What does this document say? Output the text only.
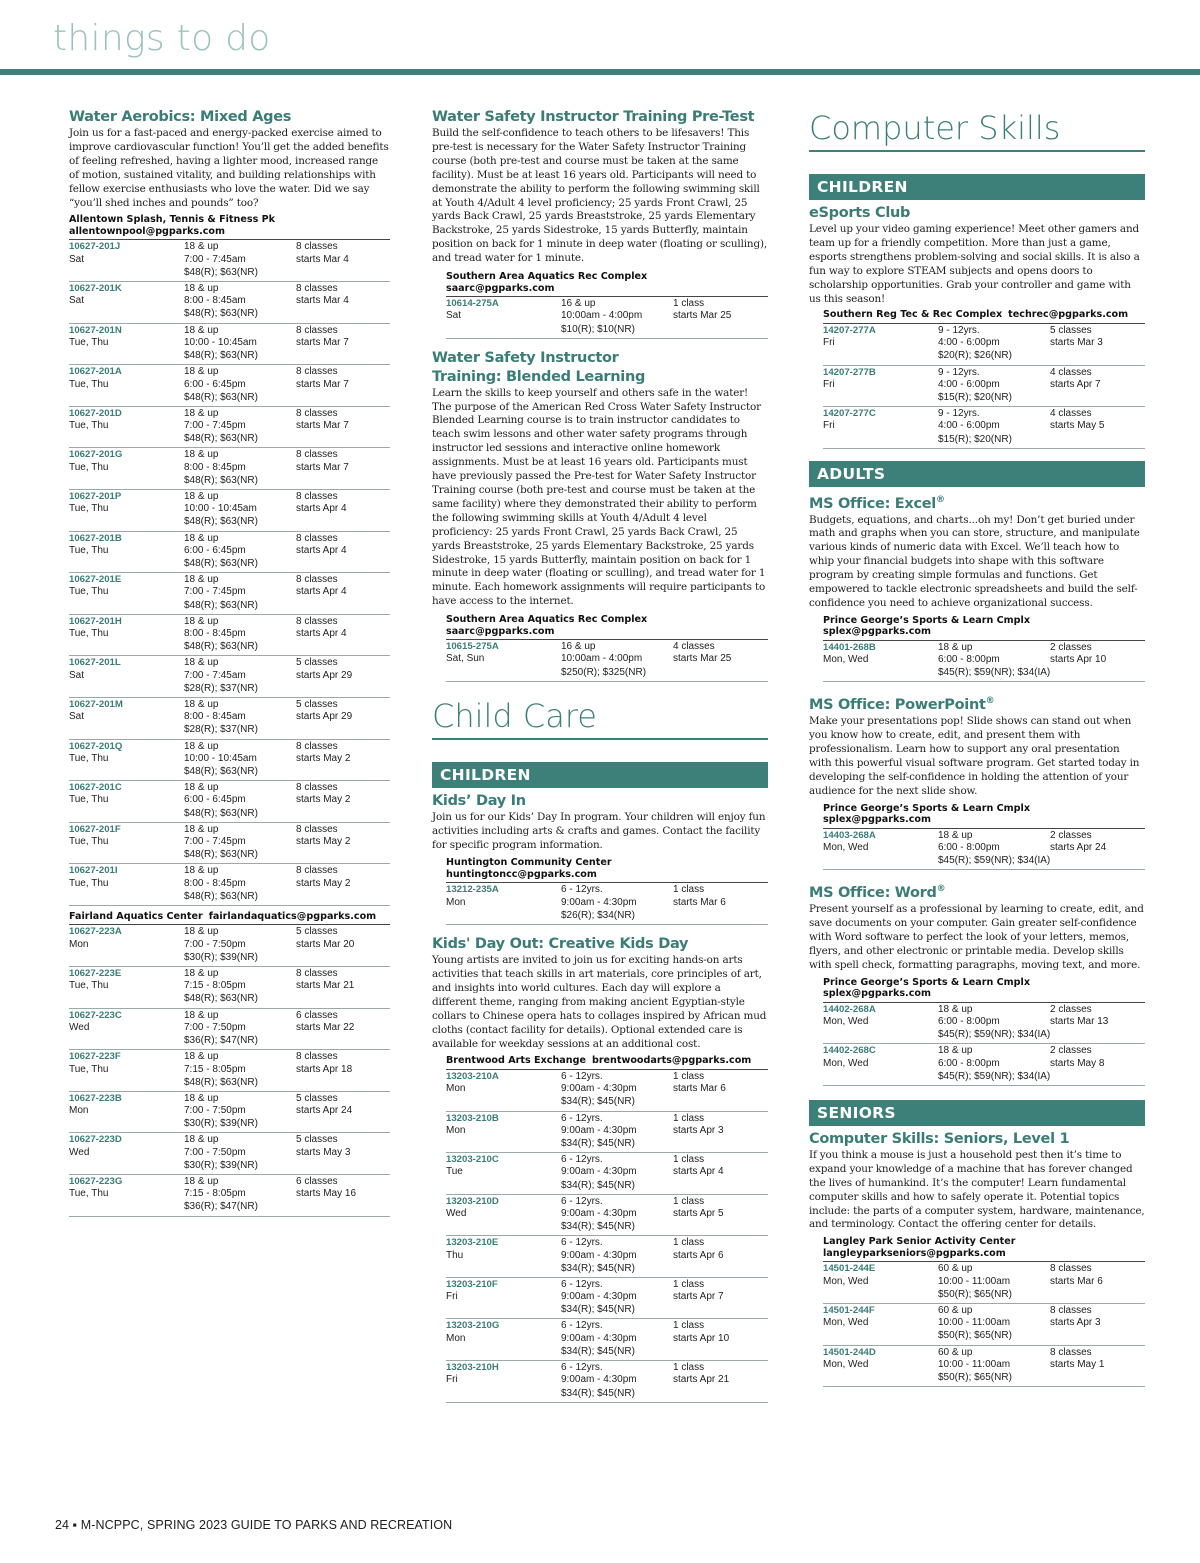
things to do
Water Aerobics: Mixed Ages
Join us for a fast-paced and energy-packed exercise aimed to improve cardiovascular function! You’ll get the added benefits of feeling refreshed, having a lighter mood, increased range of motion, sustained vitality, and building relationships with fellow exercise enthusiasts who love the water. Did we say “you’ll shed inches and pounds” too?
Allentown Splash, Tennis & Fitness Pk
allentownpool@pgparks.com
10627-201J
Sat
18 & up
7:00 - 7:45am
8 classes
starts Mar 4
$48(R); $63(NR)
10627-201K
Sat
18 & up
8:00 - 8:45am
8 classes
starts Mar 4
$48(R); $63(NR)
10627-201N
Tue, Thu
18 & up
10:00 - 10:45am
8 classes
starts Mar 7
$48(R); $63(NR)
10627-201A
Tue, Thu
18 & up
6:00 - 6:45pm
8 classes
starts Mar 7
$48(R); $63(NR)
10627-201D
Tue, Thu
18 & up
7:00 - 7:45pm
8 classes
starts Mar 7
$48(R); $63(NR)
10627-201G
Tue, Thu
18 & up
8:00 - 8:45pm
8 classes
starts Mar 7
$48(R); $63(NR)
10627-201P
Tue, Thu
18 & up
10:00 - 10:45am
8 classes
starts Apr 4
$48(R); $63(NR)
10627-201B
Tue, Thu
18 & up
6:00 - 6:45pm
8 classes
starts Apr 4
$48(R); $63(NR)
10627-201E
Tue, Thu
18 & up
7:00 - 7:45pm
8 classes
starts Apr 4
$48(R); $63(NR)
10627-201H
Tue, Thu
18 & up
8:00 - 8:45pm
8 classes
starts Apr 4
$48(R); $63(NR)
10627-201L
Sat
18 & up
7:00 - 7:45am
5 classes
starts Apr 29
$28(R); $37(NR)
10627-201M
Sat
18 & up
8:00 - 8:45am
5 classes
starts Apr 29
$28(R); $37(NR)
10627-201Q
Tue, Thu
18 & up
10:00 - 10:45am
8 classes
starts May 2
$48(R); $63(NR)
10627-201C
Tue, Thu
18 & up
6:00 - 6:45pm
8 classes
starts May 2
$48(R); $63(NR)
10627-201F
Tue, Thu
18 & up
7:00 - 7:45pm
8 classes
starts May 2
$48(R); $63(NR)
10627-201I
Tue, Thu
18 & up
8:00 - 8:45pm
8 classes
starts May 2
$48(R); $63(NR)
Fairland Aquatics Center fairlandaquatics@pgparks.com
10627-223A
Mon
18 & up
7:00 - 7:50pm
5 classes
starts Mar 20
$30(R); $39(NR)
10627-223E
Tue, Thu
18 & up
7:15 - 8:05pm
8 classes
starts Mar 21
$48(R); $63(NR)
10627-223C
Wed
18 & up
7:00 - 7:50pm
6 classes
starts Mar 22
$36(R); $47(NR)
10627-223F
Tue, Thu
18 & up
7:15 - 8:05pm
8 classes
starts Apr 18
$48(R); $63(NR)
10627-223B
Mon
18 & up
7:00 - 7:50pm
5 classes
starts Apr 24
$30(R); $39(NR)
10627-223D
Wed
18 & up
7:00 - 7:50pm
5 classes
starts May 3
$30(R); $39(NR)
10627-223G
Tue, Thu
18 & up
7:15 - 8:05pm
6 classes
starts May 16
$36(R); $47(NR)
Water Safety Instructor Training Pre-Test
Build the self-confidence to teach others to be lifesavers! This pre-test is necessary for the Water Safety Instructor Training course (both pre-test and course must be taken at the same facility). Must be at least 16 years old. Participants will need to demonstrate the ability to perform the following swimming skill at Youth 4/Adult 4 level proficiency; 25 yards Front Crawl, 25 yards Back Crawl, 25 yards Breaststroke, 25 yards Elementary Backstroke, 25 yards Sidestroke, 15 yards Butterfly, maintain position on back for 1 minute in deep water (floating or sculling), and tread water for 1 minute.
Southern Area Aquatics Rec Complex
saarc@pgparks.com
10614-275A
Sat
16 & up
10:00am - 4:00pm
1 class
starts Mar 25
$10(R); $10(NR)
Water Safety Instructor Training: Blended Learning
Learn the skills to keep yourself and others safe in the water! The purpose of the American Red Cross Water Safety Instructor Blended Learning course is to train instructor candidates to teach swim lessons and other water safety programs through instructor led sessions and interactive online homework assignments. Must be at least 16 years old. Participants must have previously passed the Pre-test for Water Safety Instructor Training course (both pre-test and course must be taken at the same facility) where they demonstrated their ability to perform the following swimming skills at Youth 4/Adult 4 level proficiency: 25 yards Front Crawl, 25 yards Back Crawl, 25 yards Breaststroke, 25 yards Elementary Backstroke, 25 yards Sidestroke, 15 yards Butterfly, maintain position on back for 1 minute in deep water (floating or sculling), and tread water for 1 minute. Each homework assignments will require participants to have access to the internet.
Southern Area Aquatics Rec Complex
saarc@pgparks.com
10615-275A
Sat, Sun
16 & up
10:00am - 4:00pm
4 classes
starts Mar 25
$250(R); $325(NR)
Child Care
CHILDREN
Kids’ Day In
Join us for our Kids’ Day In program. Your children will enjoy fun activities including arts & crafts and games. Contact the facility for specific program information.
Huntington Community Center
huntingtoncc@pgparks.com
13212-235A
Mon
6 - 12yrs.
9:00am - 4:30pm
1 class
starts Mar 6
$26(R); $34(NR)
Kids' Day Out: Creative Kids Day
Young artists are invited to join us for exciting hands-on arts activities that teach skills in art materials, core principles of art, and insights into world cultures. Each day will explore a different theme, ranging from making ancient Egyptian-style collars to Chinese opera hats to collages inspired by African mud cloths (contact facility for details). Optional extended care is available for weekday sessions at an additional cost.
Brentwood Arts Exchange brentwoodarts@pgparks.com
13203-210A
Mon
6 - 12yrs.
9:00am - 4:30pm
1 class
starts Mar 6
$34(R); $45(NR)
13203-210B
Mon
6 - 12yrs.
9:00am - 4:30pm
1 class
starts Apr 3
$34(R); $45(NR)
13203-210C
Tue
6 - 12yrs.
9:00am - 4:30pm
1 class
starts Apr 4
$34(R); $45(NR)
13203-210D
Wed
6 - 12yrs.
9:00am - 4:30pm
1 class
starts Apr 5
$34(R); $45(NR)
13203-210E
Thu
6 - 12yrs.
9:00am - 4:30pm
1 class
starts Apr 6
$34(R); $45(NR)
13203-210F
Fri
6 - 12yrs.
9:00am - 4:30pm
1 class
starts Apr 7
$34(R); $45(NR)
13203-210G
Mon
6 - 12yrs.
9:00am - 4:30pm
1 class
starts Apr 10
$34(R); $45(NR)
13203-210H
Fri
6 - 12yrs.
9:00am - 4:30pm
1 class
starts Apr 21
$34(R); $45(NR)
Computer Skills
CHILDREN
eSports Club
Level up your video gaming experience! Meet other gamers and team up for a friendly competition. More than just a game, esports strengthens problem-solving and social skills. It is also a fun way to explore STEAM subjects and opens doors to scholarship opportunities. Grab your controller and game with us this season!
Southern Reg Tec & Rec Complex techrec@pgparks.com
14207-277A
Fri
9 - 12yrs.
4:00 - 6:00pm
5 classes
starts Mar 3
$20(R); $26(NR)
14207-277B
Fri
9 - 12yrs.
4:00 - 6:00pm
4 classes
starts Apr 7
$15(R); $20(NR)
14207-277C
Fri
9 - 12yrs.
4:00 - 6:00pm
4 classes
starts May 5
$15(R); $20(NR)
ADULTS
MS Office: Excel®
Budgets, equations, and charts...oh my! Don’t get buried under math and graphs when you can store, structure, and manipulate various kinds of numeric data with Excel. We’ll teach how to whip your financial budgets into shape with this software program by creating simple formulas and functions. Get empowered to tackle electronic spreadsheets and build the self-confidence you need to achieve organizational success.
Prince George’s Sports & Learn Cmplx
splex@pgparks.com
14401-268B
Mon, Wed
18 & up
6:00 - 8:00pm
2 classes
starts Apr 10
$45(R); $59(NR); $34(IA)
MS Office: PowerPoint®
Make your presentations pop! Slide shows can stand out when you know how to create, edit, and present them with professionalism. Learn how to support any oral presentation with this powerful visual software program. Get started today in developing the self-confidence in holding the attention of your audience for the next slide show.
Prince George’s Sports & Learn Cmplx
splex@pgparks.com
14403-268A
Mon, Wed
18 & up
6:00 - 8:00pm
2 classes
starts Apr 24
$45(R); $59(NR); $34(IA)
MS Office: Word®
Present yourself as a professional by learning to create, edit, and save documents on your computer. Gain greater self-confidence with Word software to perfect the look of your letters, memos, flyers, and other electronic or printable media. Develop skills with spell check, formatting paragraphs, moving text, and more.
Prince George’s Sports & Learn Cmplx
splex@pgparks.com
14402-268A
Mon, Wed
18 & up
6:00 - 8:00pm
2 classes
starts Mar 13
$45(R); $59(NR); $34(IA)
14402-268C
Mon, Wed
18 & up
6:00 - 8:00pm
2 classes
starts May 8
$45(R); $59(NR); $34(IA)
SENIORS
Computer Skills: Seniors, Level 1
If you think a mouse is just a household pest then it’s time to expand your knowledge of a machine that has forever changed the lives of humankind. It’s the computer! Learn fundamental computer skills and how to safely operate it. Potential topics include: the parts of a computer system, hardware, maintenance, and terminology. Contact the offering center for details.
Langley Park Senior Activity Center
langleyparkseniors@pgparks.com
14501-244E
Mon, Wed
60 & up
10:00 - 11:00am
8 classes
starts Mar 6
$50(R); $65(NR)
14501-244F
Mon, Wed
60 & up
10:00 - 11:00am
8 classes
starts Apr 3
$50(R); $65(NR)
14501-244D
Mon, Wed
60 & up
10:00 - 11:00am
8 classes
starts May 1
$50(R); $65(NR)
24 ▪ M-NCPPC, SPRING 2023 GUIDE TO PARKS AND RECREATION
